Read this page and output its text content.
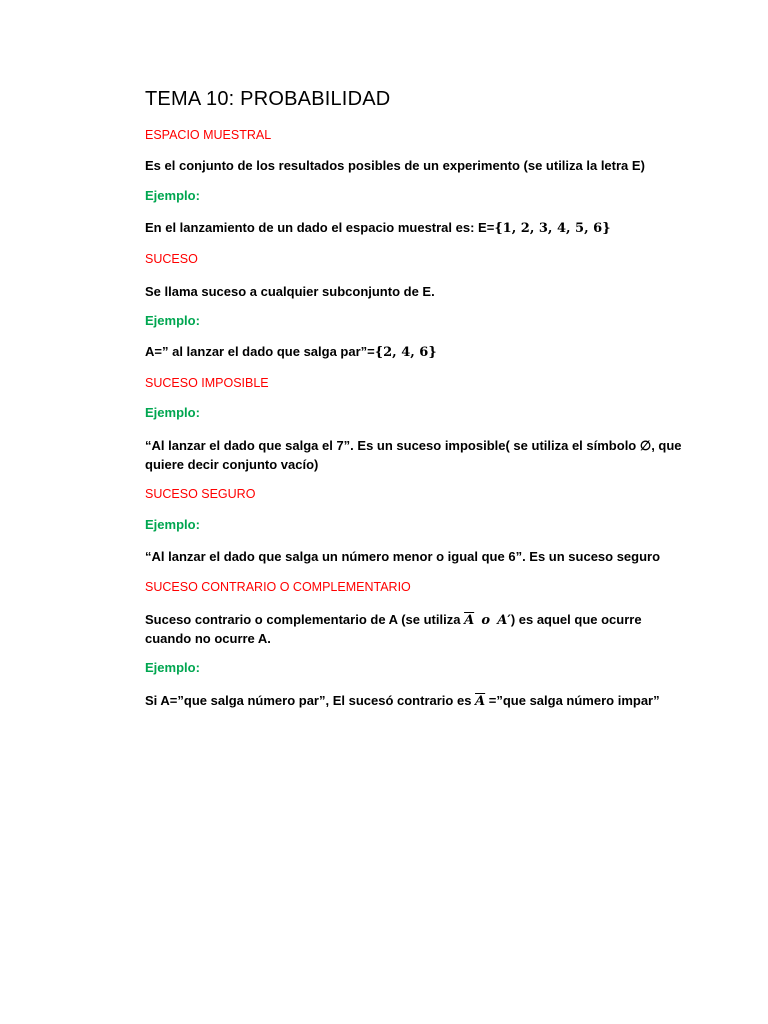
TEMA 10: PROBABILIDAD
ESPACIO MUESTRAL
Es el conjunto de los resultados posibles de un experimento (se utiliza la letra E)
Ejemplo:
En el lanzamiento de un dado el espacio muestral es: E={1, 2, 3, 4, 5, 6}
SUCESO
Se llama suceso a cualquier subconjunto de E.
Ejemplo:
A=” al lanzar el dado que salga par”={2, 4, 6}
SUCESO IMPOSIBLE
Ejemplo:
“Al lanzar el dado que salga el 7”. Es un suceso imposible( se utiliza el símbolo ∅, que
quiere decir conjunto vacío)
SUCESO SEGURO
Ejemplo:
“Al lanzar el dado que salga un número menor o igual que 6”. Es un suceso seguro
SUCESO CONTRARIO O COMPLEMENTARIO
Suceso contrario o complementario de A (se utiliza $\overline{A}$ o A′) es aquel que ocurre
cuando no ocurre A.
Ejemplo:
Si A=”que salga número par”, El sucesó contrario es $\overline{A}$ =”que salga número impar”
